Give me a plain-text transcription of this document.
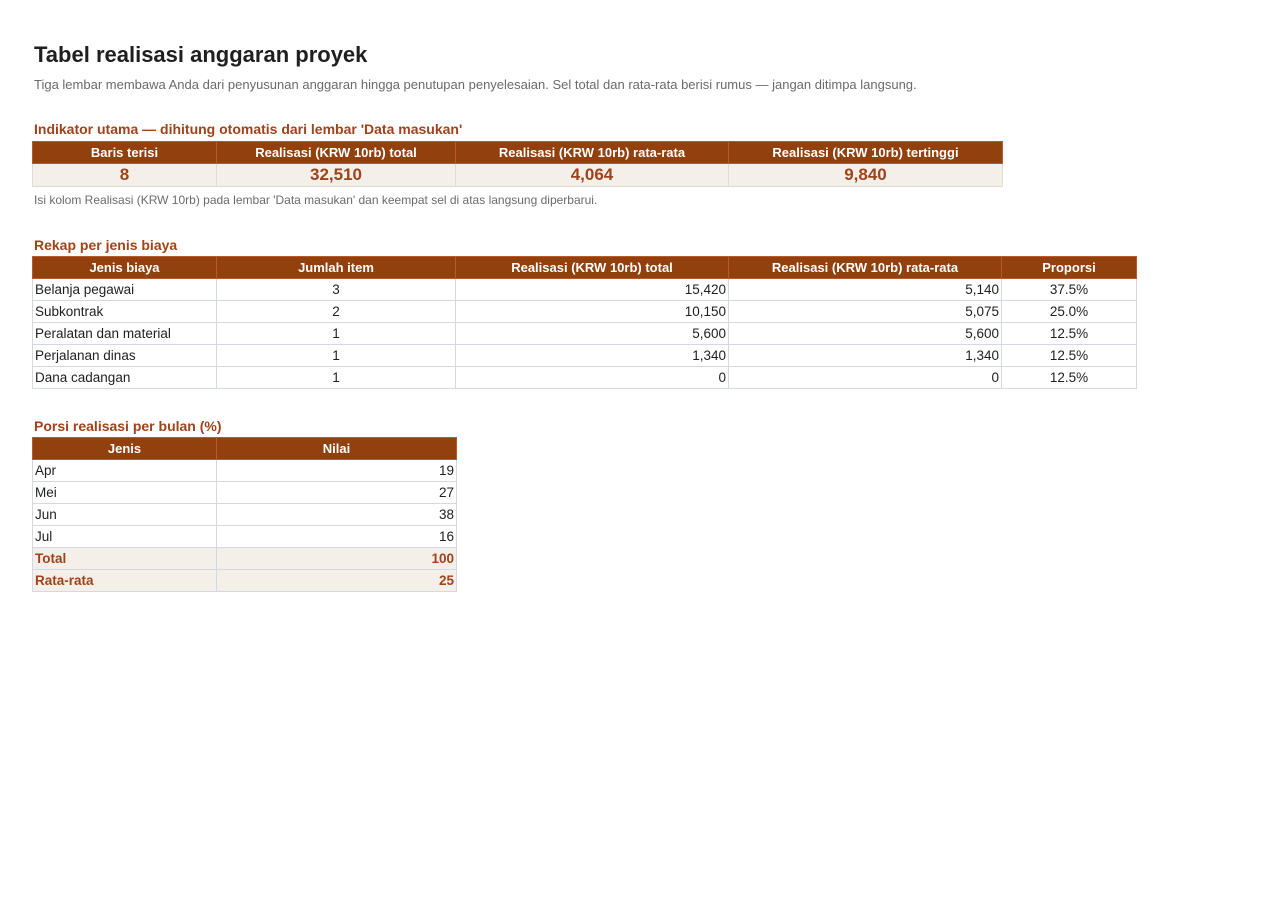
Tabel realisasi anggaran proyek
Tiga lembar membawa Anda dari penyusunan anggaran hingga penutupan penyelesaian. Sel total dan rata-rata berisi rumus — jangan ditimpa langsung.
Indikator utama — dihitung otomatis dari lembar 'Data masukan'
Baris terisi	Realisasi (KRW 10rb) total	Realisasi (KRW 10rb) rata-rata	Realisasi (KRW 10rb) tertinggi
8	32,510	4,064	9,840
Isi kolom Realisasi (KRW 10rb) pada lembar 'Data masukan' dan keempat sel di atas langsung diperbarui.
Rekap per jenis biaya
Jenis biaya	Jumlah item	Realisasi (KRW 10rb) total	Realisasi (KRW 10rb) rata-rata	Proporsi
Belanja pegawai	3	15,420	5,140	37.5%
Subkontrak	2	10,150	5,075	25.0%
Peralatan dan material	1	5,600	5,600	12.5%
Perjalanan dinas	1	1,340	1,340	12.5%
Dana cadangan	1	0	0	12.5%
Porsi realisasi per bulan (%)
Jenis	Nilai
Apr	19
Mei	27
Jun	38
Jul	16
Total	100
Rata-rata	25
